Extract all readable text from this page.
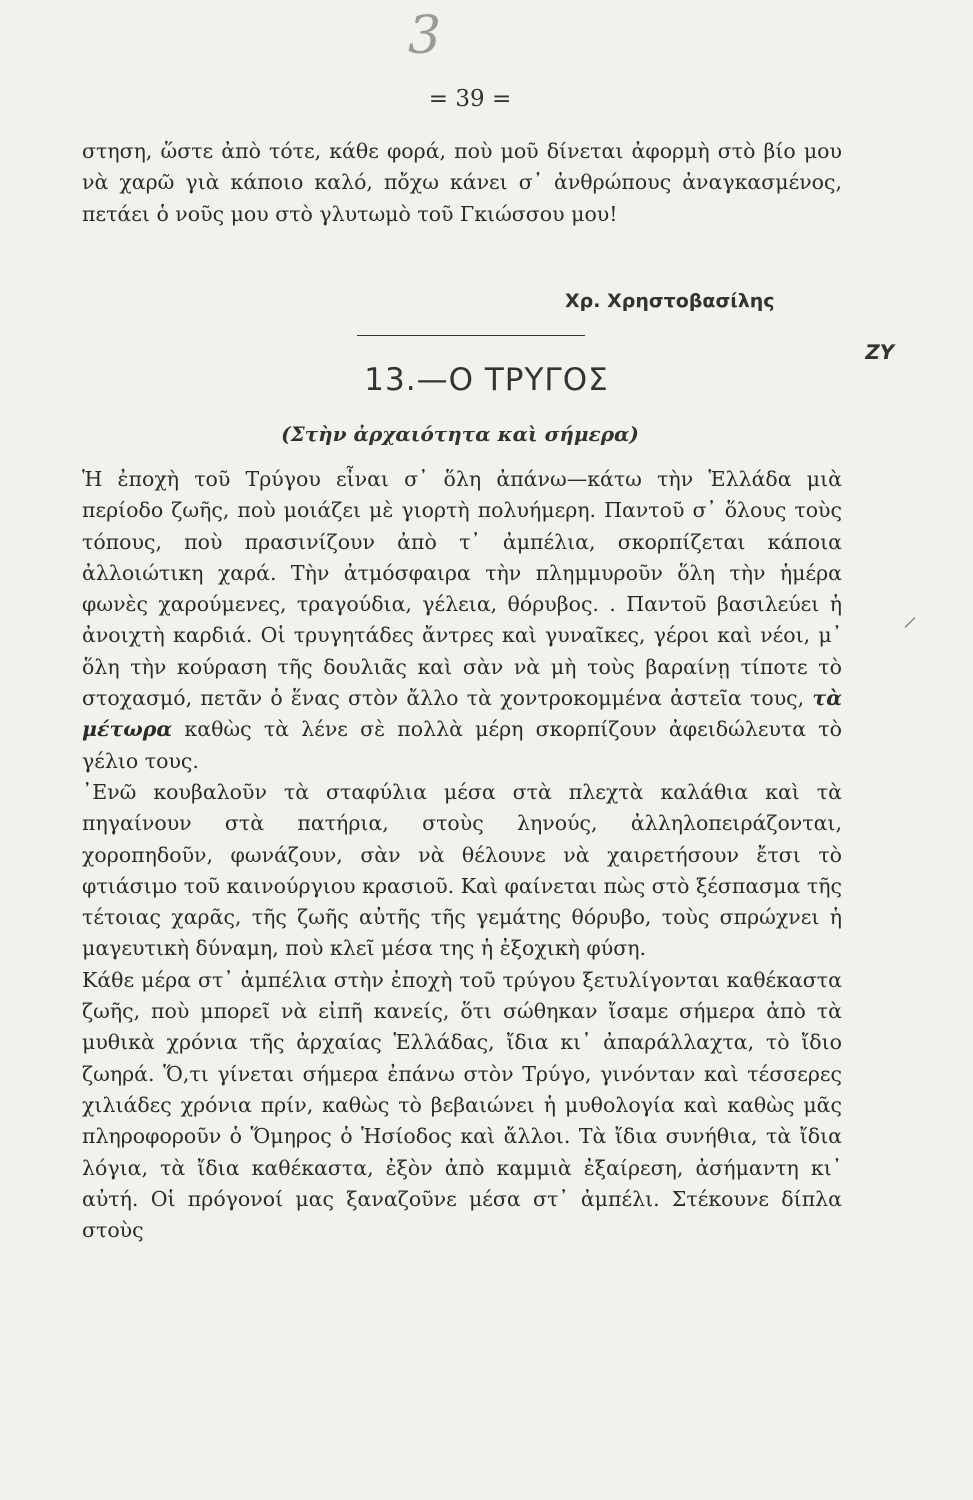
3
= 39 =

στηση, ὥστε ἀπὸ τότε, κάθε φορά, ποὺ μοῦ δίνεται ἀφορμὴ στὸ βίο μου νὰ χαρῶ γιὰ κάποιο καλό, πὄχω κάνει σ᾽ ἀνθρώπους ἀναγκασμένος, πετάει ὁ νοῦς μου στὸ γλυτωμὸ τοῦ Γκιώσσου μου!

Χρ. Χρηστοβασίλης
ZY
13.—Ο ΤΡΥΓΟΣ
(Στὴν ἀρχαιότητα καὶ σήμερα)

Ἡ ἐποχὴ τοῦ Τρύγου εἶναι σ᾽ ὅλη ἀπάνω—κάτω τὴν Ἑλλάδα μιὰ περίοδο ζωῆς, ποὺ μοιάζει μὲ γιορτὴ πολυήμερη. Παντοῦ σ᾽ ὅλους τοὺς τόπους, ποὺ πρασινίζουν ἀπὸ τ᾽ ἀμπέλια, σκορπίζεται κάποια ἀλλοιώτικη χαρά. Τὴν ἀτμόσφαιρα τὴν πλημμυροῦν ὅλη τὴν ἡμέρα φωνὲς χαρούμενες, τραγούδια, γέλεια, θόρυβος. . Παντοῦ βασιλεύει ἡ ἀνοιχτὴ καρδιά. Οἱ τρυγητάδες ἄντρες καὶ γυναῖκες, γέροι καὶ νέοι, μ᾽ ὅλη τὴν κούραση τῆς δουλιᾶς καὶ σὰν νὰ μὴ τοὺς βαραίνῃ τίποτε τὸ στοχασμό, πετᾶν ὁ ἕνας στὸν ἄλλο τὰ χοντροκομμένα ἀστεῖα τους, τὰ μέτωρα καθὼς τὰ λένε σὲ πολλὰ μέρη σκορπίζουν ἀφειδώλευτα τὸ γέλιο τους.

᾽Ενῶ κουβαλοῦν τὰ σταφύλια μέσα στὰ πλεχτὰ καλάθια καὶ τὰ πηγαίνουν στὰ πατήρια, στοὺς ληνούς, ἀλληλοπειράζονται, χοροπηδοῦν, φωνάζουν, σὰν νὰ θέλουνε νὰ χαιρετήσουν ἔτσι τὸ φτιάσιμο τοῦ καινούργιου κρασιοῦ. Καὶ φαίνεται πὼς στὸ ξέσπασμα τῆς τέτοιας χαρᾶς, τῆς ζωῆς αὐτῆς τῆς γεμάτης θόρυβο, τοὺς σπρώχνει ἡ μαγευτικὴ δύναμη, ποὺ κλεῖ μέσα της ἡ ἐξοχικὴ φύση.

Κάθε μέρα στ᾽ ἀμπέλια στὴν ἐποχὴ τοῦ τρύγου ξετυλίγονται καθέκαστα ζωῆς, ποὺ μπορεῖ νὰ εἰπῆ κανείς, ὅτι σώθηκαν ἴσαμε σήμερα ἀπὸ τὰ μυθικὰ χρόνια τῆς ἀρχαίας Ἑλλάδας, ἴδια κι᾽ ἀπαράλλαχτα, τὸ ἴδιο ζωηρά. Ὅ,τι γίνεται σήμερα ἐπάνω στὸν Τρύγο, γινόνταν καὶ τέσσερες χιλιάδες χρόνια πρίν, καθὼς τὸ βεβαιώνει ἡ μυθολογία καὶ καθὼς μᾶς πληροφοροῦν ὁ Ὅμηρος ὁ Ἡσίοδος καὶ ἄλλοι. Τὰ ἴδια συνήθια, τὰ ἴδια λόγια, τὰ ἴδια καθέκαστα, ἐξὸν ἀπὸ καμμιὰ ἐξαίρεση, ἀσήμαντη κι᾽ αὐτή. Οἱ πρόγονοί μας ξαναζοῦνε μέσα στ᾽ ἀμπέλι. Στέκουνε δίπλα στοὺς
